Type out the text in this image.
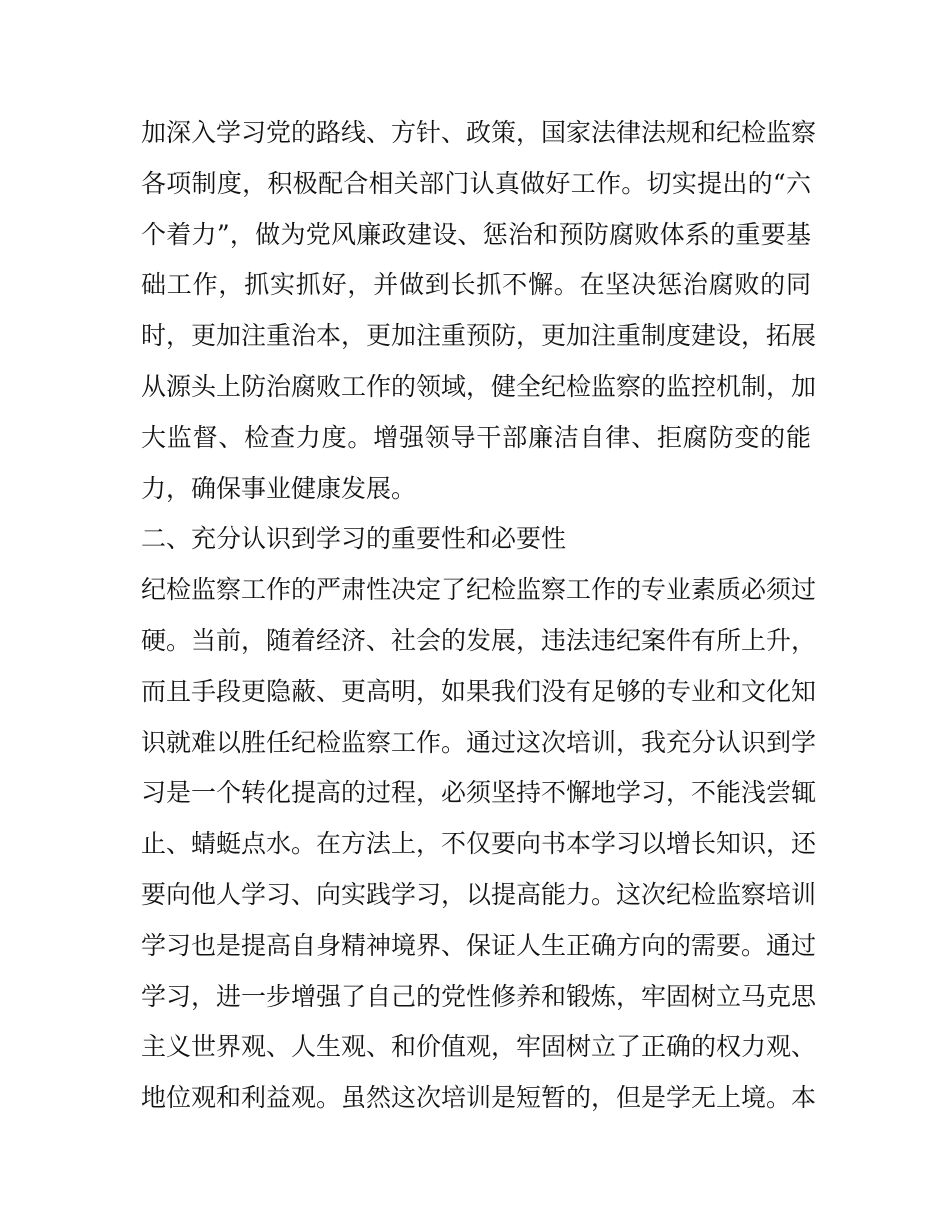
加深入学习党的路线、方针、政策，国家法律法规和纪检监察
各项制度，积极配合相关部门认真做好工作。切实提出的“六
个着力”，做为党风廉政建设、惩治和预防腐败体系的重要基
础工作，抓实抓好，并做到长抓不懈。在坚决惩治腐败的同
时，更加注重治本，更加注重预防，更加注重制度建设，拓展
从源头上防治腐败工作的领域，健全纪检监察的监控机制，加
大监督、检查力度。增强领导干部廉洁自律、拒腐防变的能
力，确保事业健康发展。
二、充分认识到学习的重要性和必要性
纪检监察工作的严肃性决定了纪检监察工作的专业素质必须过
硬。当前，随着经济、社会的发展，违法违纪案件有所上升，
而且手段更隐蔽、更高明，如果我们没有足够的专业和文化知
识就难以胜任纪检监察工作。通过这次培训，我充分认识到学
习是一个转化提高的过程，必须坚持不懈地学习，不能浅尝辄
止、蜻蜓点水。在方法上，不仅要向书本学习以增长知识，还
要向他人学习、向实践学习，以提高能力。这次纪检监察培训
学习也是提高自身精神境界、保证人生正确方向的需要。通过
学习，进一步增强了自己的党性修养和锻炼，牢固树立马克思
主义世界观、人生观、和价值观，牢固树立了正确的权力观、
地位观和利益观。虽然这次培训是短暂的，但是学无上境。本
